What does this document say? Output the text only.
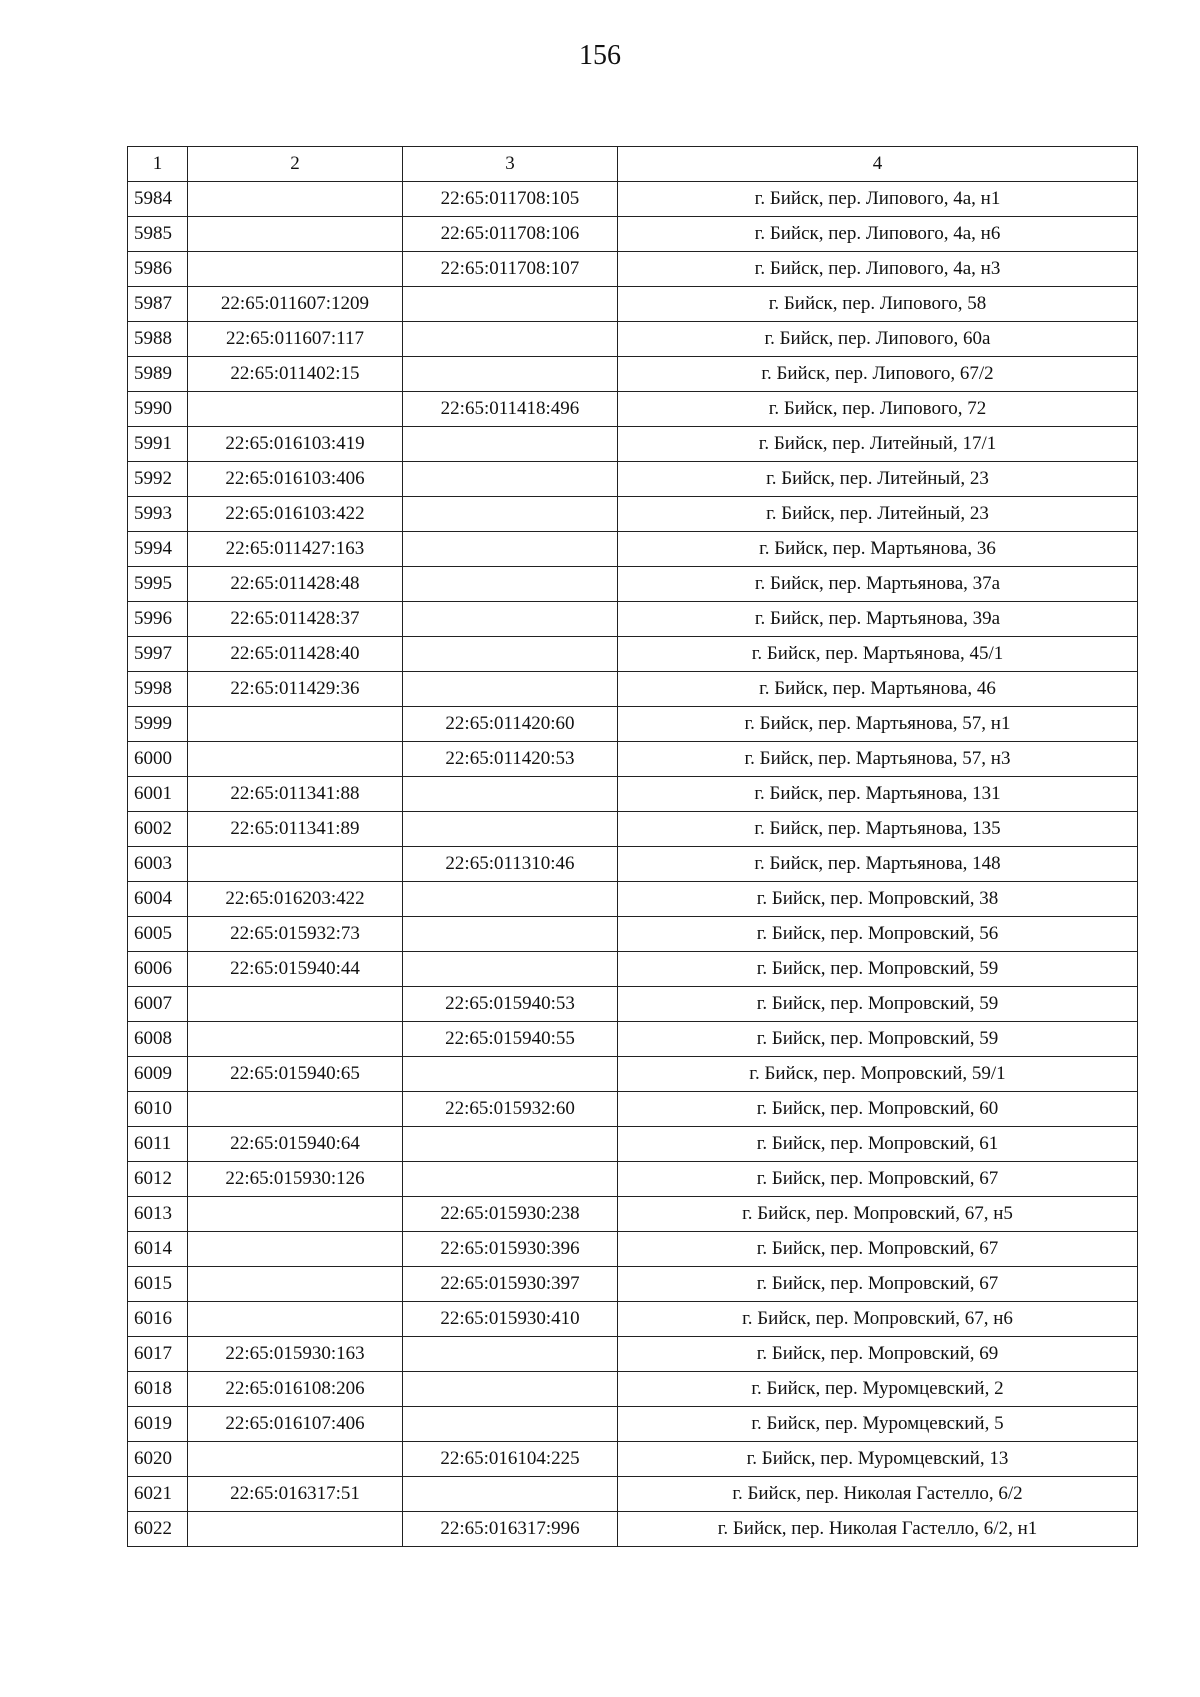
156
1	2	3	4
5984		22:65:011708:105	г. Бийск, пер. Липового, 4а, н1
5985		22:65:011708:106	г. Бийск, пер. Липового, 4а, н6
5986		22:65:011708:107	г. Бийск, пер. Липового, 4а, н3
5987	22:65:011607:1209		г. Бийск, пер. Липового, 58
5988	22:65:011607:117		г. Бийск, пер. Липового, 60а
5989	22:65:011402:15		г. Бийск, пер. Липового, 67/2
5990		22:65:011418:496	г. Бийск, пер. Липового, 72
5991	22:65:016103:419		г. Бийск, пер. Литейный, 17/1
5992	22:65:016103:406		г. Бийск, пер. Литейный, 23
5993	22:65:016103:422		г. Бийск, пер. Литейный, 23
5994	22:65:011427:163		г. Бийск, пер. Мартьянова, 36
5995	22:65:011428:48		г. Бийск, пер. Мартьянова, 37а
5996	22:65:011428:37		г. Бийск, пер. Мартьянова, 39а
5997	22:65:011428:40		г. Бийск, пер. Мартьянова, 45/1
5998	22:65:011429:36		г. Бийск, пер. Мартьянова, 46
5999		22:65:011420:60	г. Бийск, пер. Мартьянова, 57, н1
6000		22:65:011420:53	г. Бийск, пер. Мартьянова, 57, н3
6001	22:65:011341:88		г. Бийск, пер. Мартьянова, 131
6002	22:65:011341:89		г. Бийск, пер. Мартьянова, 135
6003		22:65:011310:46	г. Бийск, пер. Мартьянова, 148
6004	22:65:016203:422		г. Бийск, пер. Мопровский, 38
6005	22:65:015932:73		г. Бийск, пер. Мопровский, 56
6006	22:65:015940:44		г. Бийск, пер. Мопровский, 59
6007		22:65:015940:53	г. Бийск, пер. Мопровский, 59
6008		22:65:015940:55	г. Бийск, пер. Мопровский, 59
6009	22:65:015940:65		г. Бийск, пер. Мопровский, 59/1
6010		22:65:015932:60	г. Бийск, пер. Мопровский, 60
6011	22:65:015940:64		г. Бийск, пер. Мопровский, 61
6012	22:65:015930:126		г. Бийск, пер. Мопровский, 67
6013		22:65:015930:238	г. Бийск, пер. Мопровский, 67, н5
6014		22:65:015930:396	г. Бийск, пер. Мопровский, 67
6015		22:65:015930:397	г. Бийск, пер. Мопровский, 67
6016		22:65:015930:410	г. Бийск, пер. Мопровский, 67, н6
6017	22:65:015930:163		г. Бийск, пер. Мопровский, 69
6018	22:65:016108:206		г. Бийск, пер. Муромцевский, 2
6019	22:65:016107:406		г. Бийск, пер. Муромцевский, 5
6020		22:65:016104:225	г. Бийск, пер. Муромцевский, 13
6021	22:65:016317:51		г. Бийск, пер. Николая Гастелло, 6/2
6022		22:65:016317:996	г. Бийск, пер. Николая Гастелло, 6/2, н1
